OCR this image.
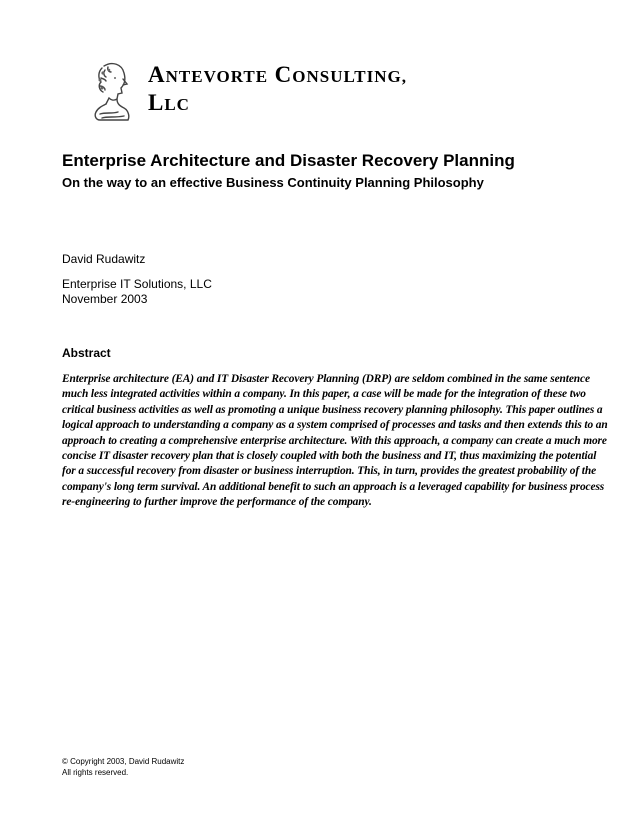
ANTEVORTE CONSULTING,
LLC
Enterprise Architecture and Disaster Recovery Planning
On the way to an effective Business Continuity Planning Philosophy
David Rudawitz
Enterprise IT Solutions, LLC
November 2003
Abstract
Enterprise architecture (EA) and IT Disaster Recovery Planning (DRP) are seldom combined in the same sentence much less integrated activities within a company. In this paper, a case will be made for the integration of these two critical business activities as well as promoting a unique business recovery planning philosophy. This paper outlines a logical approach to understanding a company as a system comprised of processes and tasks and then extends this to an approach to creating a comprehensive enterprise architecture. With this approach, a company can create a much more concise IT disaster recovery plan that is closely coupled with both the business and IT, thus maximizing the potential for a successful recovery from disaster or business interruption. This, in turn, provides the greatest probability of the company's long term survival. An additional benefit to such an approach is a leveraged capability for business process re-engineering to further improve the performance of the company.
© Copyright 2003, David Rudawitz
All rights reserved.
